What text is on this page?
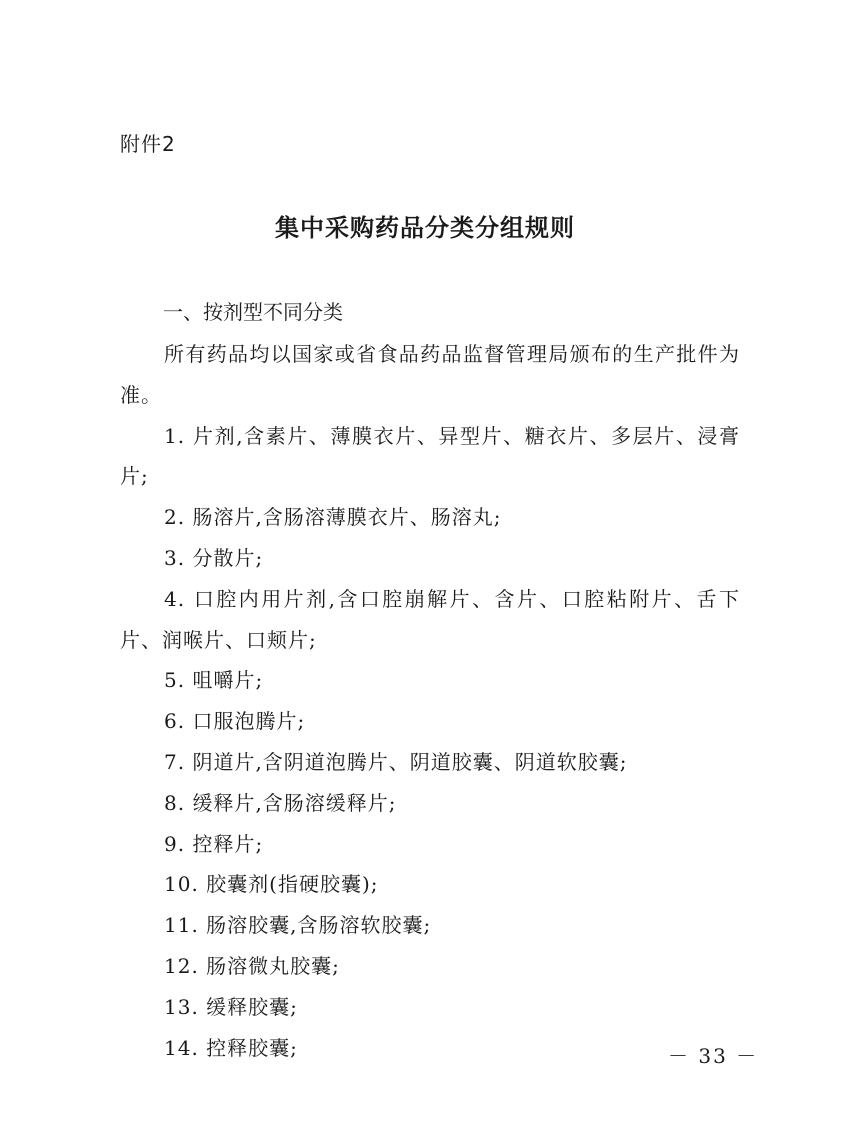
附件2
集中采购药品分类分组规则
一、按剂型不同分类

所有药品均以国家或省食品药品监督管理局颁布的生产批件为准。

1. 片剂,含素片、薄膜衣片、异型片、糖衣片、多层片、浸膏片;

2. 肠溶片,含肠溶薄膜衣片、肠溶丸;

3. 分散片;

4. 口腔内用片剂,含口腔崩解片、含片、口腔粘附片、舌下片、润喉片、口颊片;

5. 咀嚼片;

6. 口服泡腾片;

7. 阴道片,含阴道泡腾片、阴道胶囊、阴道软胶囊;

8. 缓释片,含肠溶缓释片;

9. 控释片;

10. 胶囊剂(指硬胶囊);

11. 肠溶胶囊,含肠溶软胶囊;

12. 肠溶微丸胶囊;

13. 缓释胶囊;

14. 控释胶囊;	－ 33 －
